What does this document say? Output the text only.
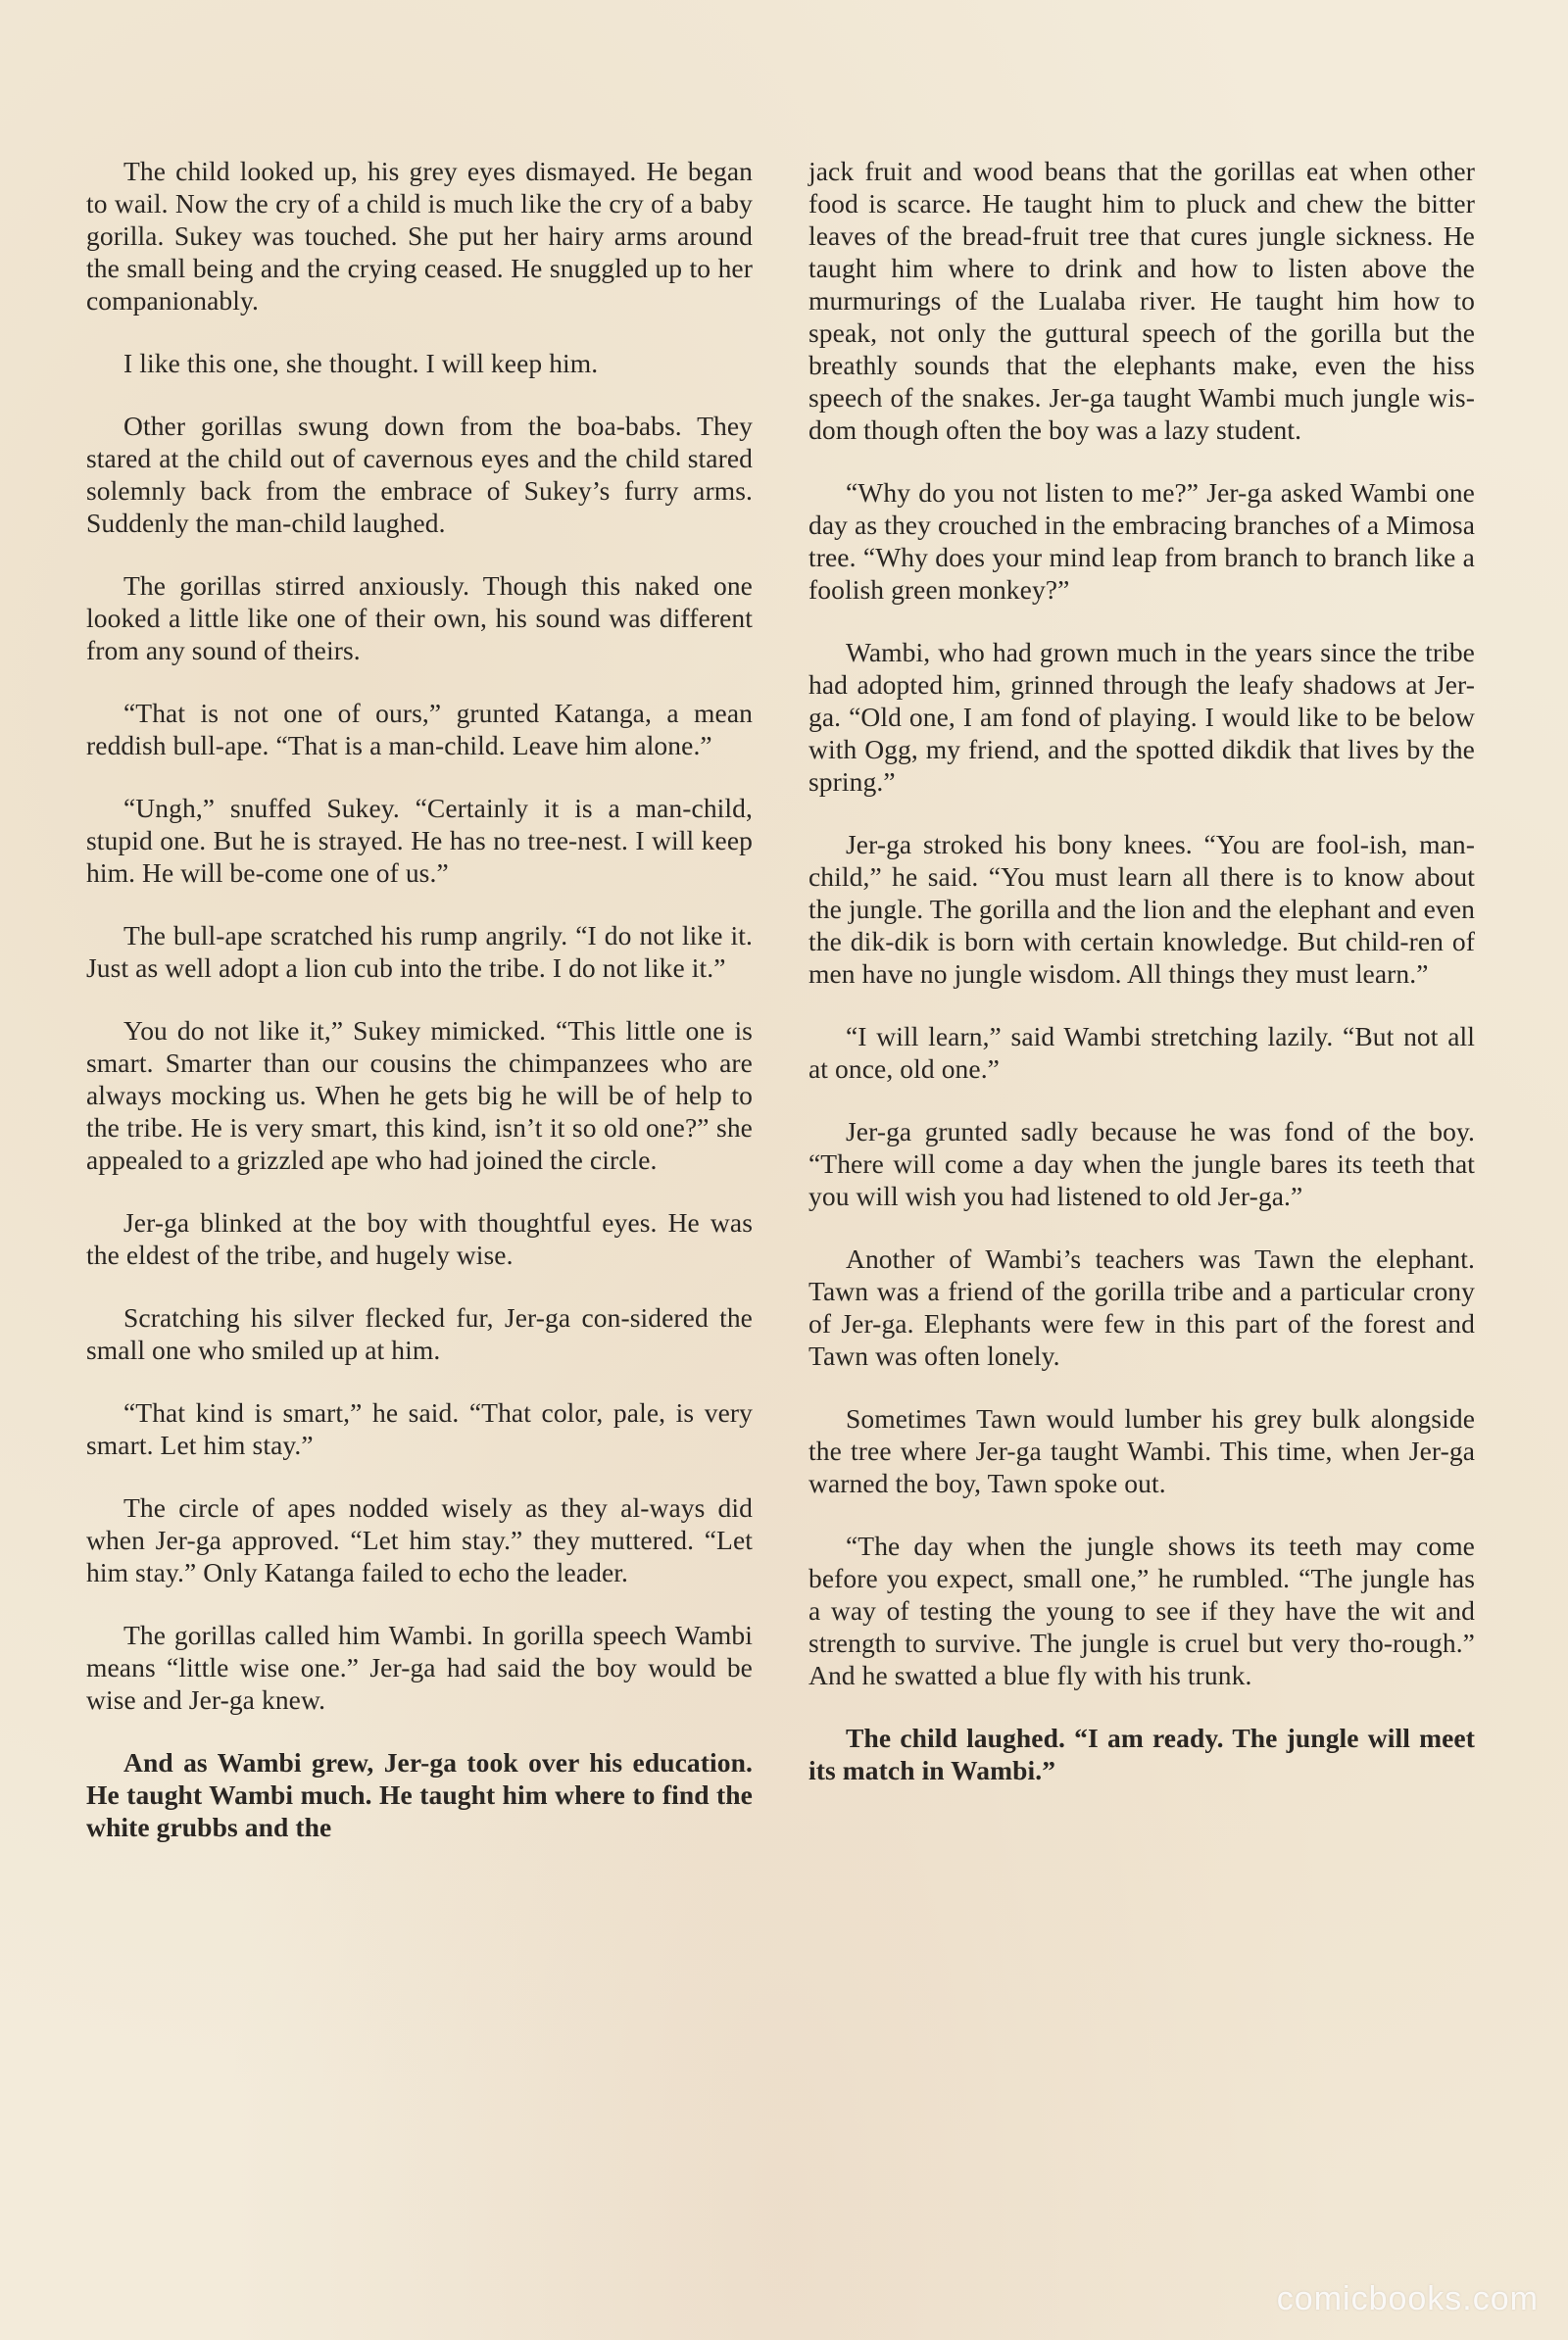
The child looked up, his grey eyes dismayed. He began to wail. Now the cry of a child is much like the cry of a baby gorilla. Sukey was touched. She put her hairy arms around the small being and the crying ceased. He snuggled up to her companionably.

I like this one, she thought. I will keep him.

Other gorillas swung down from the boa-babs. They stared at the child out of cavernous eyes and the child stared solemnly back from the embrace of Sukey’s furry arms. Suddenly the man-child laughed.

The gorillas stirred anxiously. Though this naked one looked a little like one of their own, his sound was different from any sound of theirs.

“That is not one of ours,” grunted Katanga, a mean reddish bull-ape. “That is a man-child. Leave him alone.”

“Ungh,” snuffed Sukey. “Certainly it is a man-child, stupid one. But he is strayed. He has no tree-nest. I will keep him. He will be-come one of us.”

The bull-ape scratched his rump angrily. “I do not like it. Just as well adopt a lion cub into the tribe. I do not like it.”

You do not like it,” Sukey mimicked. “This little one is smart. Smarter than our cousins the chimpanzees who are always mocking us. When he gets big he will be of help to the tribe. He is very smart, this kind, isn’t it so old one?” she appealed to a grizzled ape who had joined the circle.

Jer-ga blinked at the boy with thoughtful eyes. He was the eldest of the tribe, and hugely wise.

Scratching his silver flecked fur, Jer-ga con-sidered the small one who smiled up at him.

“That kind is smart,” he said. “That color, pale, is very smart. Let him stay.”

The circle of apes nodded wisely as they al-ways did when Jer-ga approved. “Let him stay.” they muttered. “Let him stay.” Only Katanga failed to echo the leader.

The gorillas called him Wambi. In gorilla speech Wambi means “little wise one.” Jer-ga had said the boy would be wise and Jer-ga knew.

And as Wambi grew, Jer-ga took over his education. He taught Wambi much. He taught him where to find the white grubbs and the

jack fruit and wood beans that the gorillas eat when other food is scarce. He taught him to pluck and chew the bitter leaves of the bread-fruit tree that cures jungle sickness. He taught him where to drink and how to listen above the murmurings of the Lualaba river. He taught him how to speak, not only the guttural speech of the gorilla but the breathly sounds that the elephants make, even the hiss speech of the snakes. Jer-ga taught Wambi much jungle wis-dom though often the boy was a lazy student.

“Why do you not listen to me?” Jer-ga asked Wambi one day as they crouched in the embracing branches of a Mimosa tree. “Why does your mind leap from branch to branch like a foolish green monkey?”

Wambi, who had grown much in the years since the tribe had adopted him, grinned through the leafy shadows at Jer-ga. “Old one, I am fond of playing. I would like to be below with Ogg, my friend, and the spotted dikdik that lives by the spring.”

Jer-ga stroked his bony knees. “You are fool-ish, man-child,” he said. “You must learn all there is to know about the jungle. The gorilla and the lion and the elephant and even the dik-dik is born with certain knowledge. But child-ren of men have no jungle wisdom. All things they must learn.”

“I will learn,” said Wambi stretching lazily. “But not all at once, old one.”

Jer-ga grunted sadly because he was fond of the boy. “There will come a day when the jungle bares its teeth that you will wish you had listened to old Jer-ga.”

Another of Wambi’s teachers was Tawn the elephant. Tawn was a friend of the gorilla tribe and a particular crony of Jer-ga. Elephants were few in this part of the forest and Tawn was often lonely.

Sometimes Tawn would lumber his grey bulk alongside the tree where Jer-ga taught Wambi. This time, when Jer-ga warned the boy, Tawn spoke out.

“The day when the jungle shows its teeth may come before you expect, small one,” he rumbled. “The jungle has a way of testing the young to see if they have the wit and strength to survive. The jungle is cruel but very tho-rough.” And he swatted a blue fly with his trunk.

The child laughed. “I am ready. The jungle will meet its match in Wambi.”

comicbooks.com
